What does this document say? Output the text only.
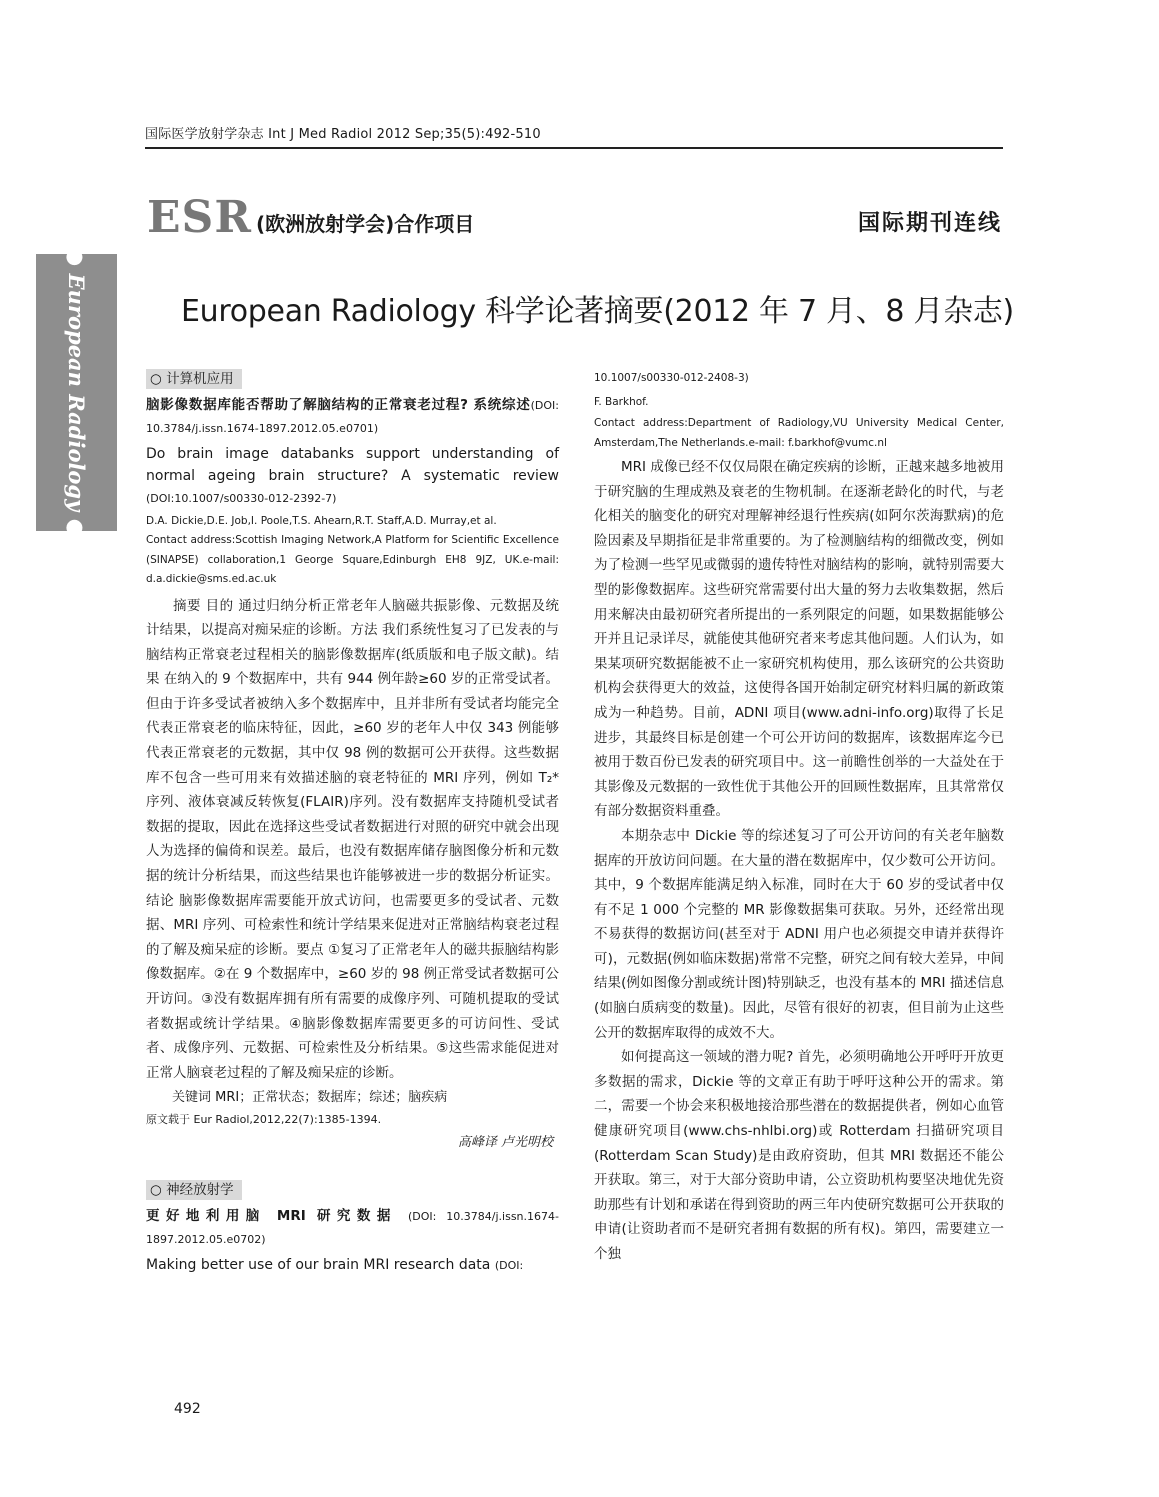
国际医学放射学杂志 Int J Med Radiol 2012 Sep;35(5):492-510
ESR (欧洲放射学会)合作项目	国际期刊连线
● European Radiology ●	European Radiology 科学论著摘要(2012 年 7 月、8 月杂志)
○ 计算机应用
脑影像数据库能否帮助了解脑结构的正常衰老过程? 系统综述(DOI: 10.3784/j.issn.1674-1897.2012.05.e0701)
Do brain image databanks support understanding of normal ageing brain structure? A systematic review (DOI:10.1007/s00330-012-2392-7)
D.A. Dickie,D.E. Job,I. Poole,T.S. Ahearn,R.T. Staff,A.D. Murray,et al.
Contact address:Scottish Imaging Network,A Platform for Scientific Excellence (SINAPSE) collaboration,1 George Square,Edinburgh EH8 9JZ, UK.e-mail: d.a.dickie@sms.ed.ac.uk
摘要 目的 通过归纳分析正常老年人脑磁共振影像、元数据及统计结果，以提高对痴呆症的诊断。方法 我们系统性复习了已发表的与脑结构正常衰老过程相关的脑影像数据库(纸质版和电子版文献)。结果 在纳入的 9 个数据库中，共有 944 例年龄≥60 岁的正常受试者。但由于许多受试者被纳入多个数据库中，且并非所有受试者均能完全代表正常衰老的临床特征，因此，≥60 岁的老年人中仅 343 例能够代表正常衰老的元数据，其中仅 98 例的数据可公开获得。这些数据库不包含一些可用来有效描述脑的衰老特征的 MRI 序列，例如 T₂* 序列、液体衰减反转恢复(FLAIR)序列。没有数据库支持随机受试者数据的提取，因此在选择这些受试者数据进行对照的研究中就会出现人为选择的偏倚和误差。最后，也没有数据库储存脑图像分析和元数据的统计分析结果，而这些结果也许能够被进一步的数据分析证实。结论 脑影像数据库需要能开放式访问，也需要更多的受试者、元数据、MRI 序列、可检索性和统计学结果来促进对正常脑结构衰老过程的了解及痴呆症的诊断。要点 ①复习了正常老年人的磁共振脑结构影像数据库。②在 9 个数据库中，≥60 岁的 98 例正常受试者数据可公开访问。③没有数据库拥有所有需要的成像序列、可随机提取的受试者数据或统计学结果。④脑影像数据库需要更多的可访问性、受试者、成像序列、元数据、可检索性及分析结果。⑤这些需求能促进对正常人脑衰老过程的了解及痴呆症的诊断。
关键词 MRI；正常状态；数据库；综述；脑疾病
原文载于 Eur Radiol,2012,22(7):1385-1394.
高峰译 卢光明校
○ 神经放射学
更好地利用脑 MRI 研究数据 (DOI: 10.3784/j.issn.1674-1897.2012.05.e0702)
Making better use of our brain MRI research data (DOI:
10.1007/s00330-012-2408-3)
F. Barkhof.
Contact address:Department of Radiology,VU University Medical Center, Amsterdam,The Netherlands.e-mail: f.barkhof@vumc.nl
MRI 成像已经不仅仅局限在确定疾病的诊断，正越来越多地被用于研究脑的生理成熟及衰老的生物机制。在逐渐老龄化的时代，与老化相关的脑变化的研究对理解神经退行性疾病(如阿尔茨海默病)的危险因素及早期指征是非常重要的。为了检测脑结构的细微改变，例如为了检测一些罕见或微弱的遗传特性对脑结构的影响，就特别需要大型的影像数据库。这些研究常需要付出大量的努力去收集数据，然后用来解决由最初研究者所提出的一系列限定的问题，如果数据能够公开并且记录详尽，就能使其他研究者来考虑其他问题。人们认为，如果某项研究数据能被不止一家研究机构使用，那么该研究的公共资助机构会获得更大的效益，这使得各国开始制定研究材料归属的新政策成为一种趋势。目前，ADNI 项目(www.adni-info.org)取得了长足进步，其最终目标是创建一个可公开访问的数据库，该数据库迄今已被用于数百份已发表的研究项目中。这一前瞻性创举的一大益处在于其影像及元数据的一致性优于其他公开的回顾性数据库，且其常常仅有部分数据资料重叠。
本期杂志中 Dickie 等的综述复习了可公开访问的有关老年脑数据库的开放访问问题。在大量的潜在数据库中，仅少数可公开访问。其中，9 个数据库能满足纳入标准，同时在大于 60 岁的受试者中仅有不足 1 000 个完整的 MR 影像数据集可获取。另外，还经常出现不易获得的数据访问(甚至对于 ADNI 用户也必须提交申请并获得许可)，元数据(例如临床数据)常常不完整，研究之间有较大差异，中间结果(例如图像分割或统计图)特别缺乏，也没有基本的 MRI 描述信息(如脑白质病变的数量)。因此，尽管有很好的初衷，但目前为止这些公开的数据库取得的成效不大。
如何提高这一领域的潜力呢? 首先，必须明确地公开呼吁开放更多数据的需求，Dickie 等的文章正有助于呼吁这种公开的需求。第二，需要一个协会来积极地接洽那些潜在的数据提供者，例如心血管健康研究项目(www.chs-nhlbi.org)或 Rotterdam 扫描研究项目(Rotterdam Scan Study)是由政府资助，但其 MRI 数据还不能公开获取。第三，对于大部分资助申请，公立资助机构要坚决地优先资助那些有计划和承诺在得到资助的两三年内使研究数据可公开获取的申请(让资助者而不是研究者拥有数据的所有权)。第四，需要建立一个独
492
